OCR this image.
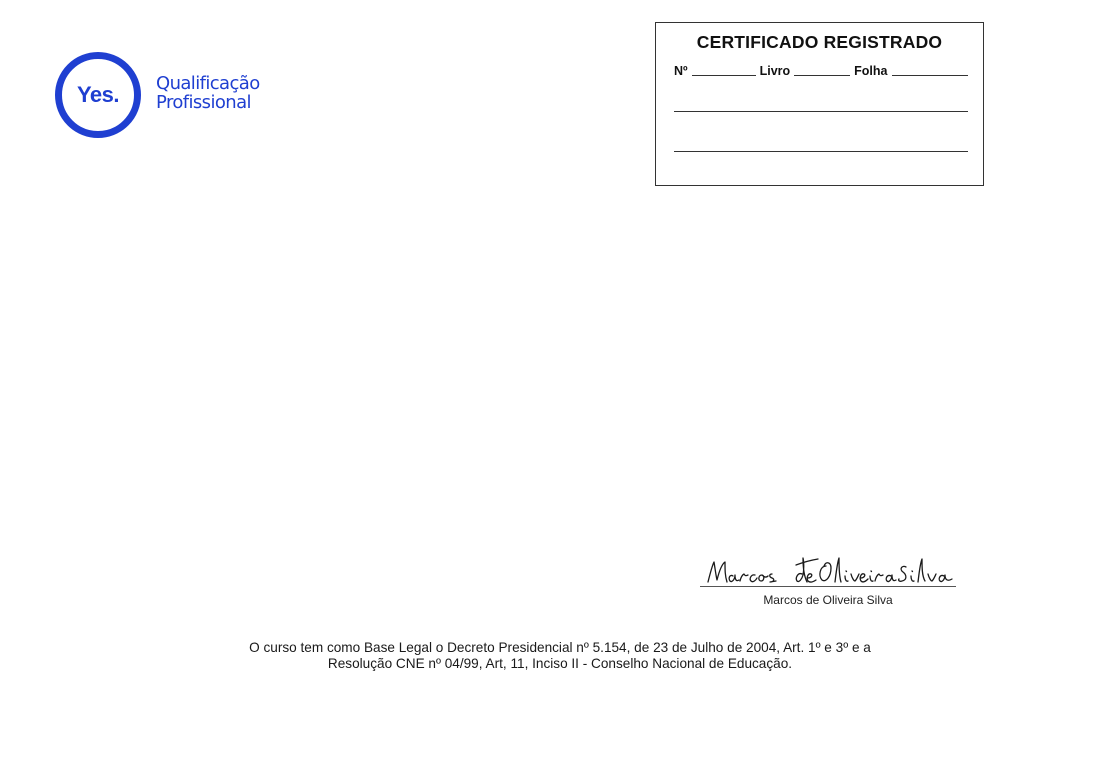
Yes. Qualificação
Profissional
CERTIFICADO REGISTRADO
Nº	Livro	Folha
Marcos de Oliveira Silva
O curso tem como Base Legal o Decreto Presidencial nº 5.154, de 23 de Julho de 2004, Art. 1º e 3º e a
Resolução CNE nº 04/99, Art, 11, Inciso II - Conselho Nacional de Educação.
